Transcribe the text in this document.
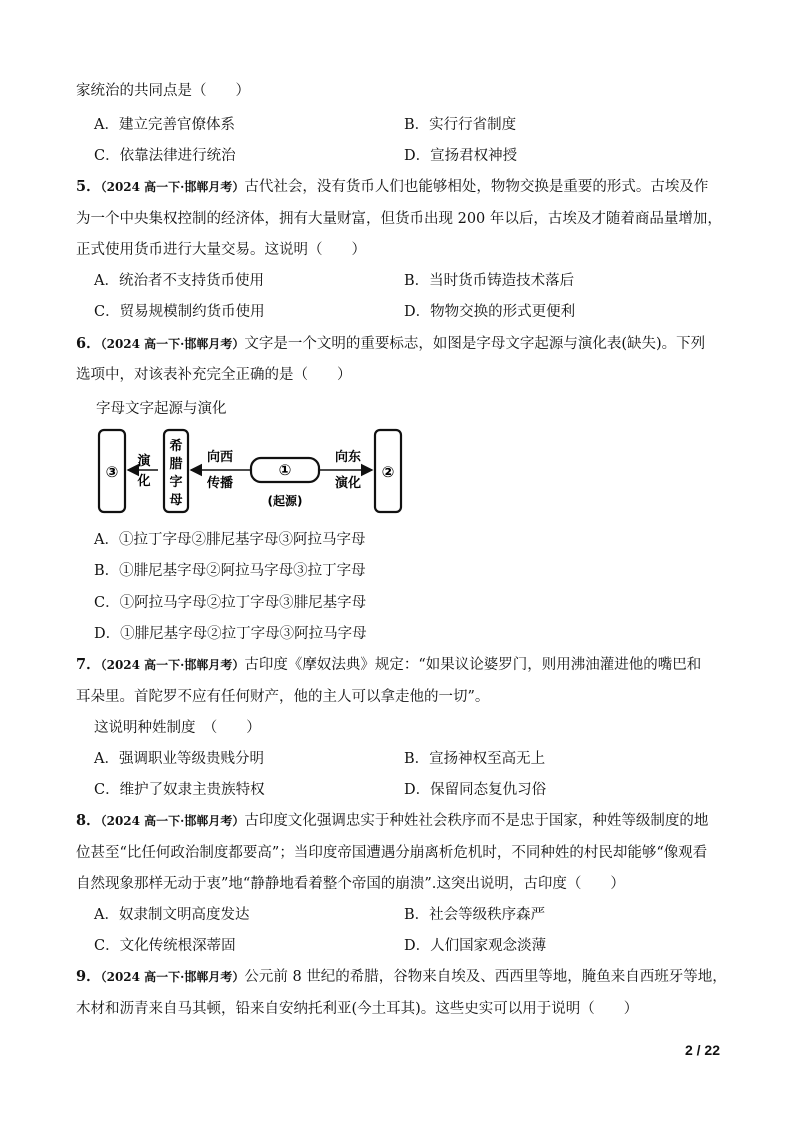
家统治的共同点是（　　）
A．建立完善官僚体系	B．实行行省制度
C．依靠法律进行统治	D．宣扬君权神授
5．（2024 高一下·邯郸月考）古代社会，没有货币人们也能够相处，物物交换是重要的形式。古埃及作
为一个中央集权控制的经济体，拥有大量财富，但货币出现 200 年以后，古埃及才随着商品量增加，
正式使用货币进行大量交易。这说明（　　）
A．统治者不支持货币使用	B．当时货币铸造技术落后
C．贸易规模制约货币使用	D．物物交换的形式更便利
6．（2024 高一下·邯郸月考）文字是一个文明的重要标志，如图是字母文字起源与演化表(缺失)。下列
选项中，对该表补充完全正确的是（　　）
字母文字起源与演化
③
演
化
希
腊
字
母
向西
传播
①
(起源)
向东
演化
②
A．①拉丁字母②腓尼基字母③阿拉马字母
B．①腓尼基字母②阿拉马字母③拉丁字母
C．①阿拉马字母②拉丁字母③腓尼基字母
D．①腓尼基字母②拉丁字母③阿拉马字母
7．（2024 高一下·邯郸月考）古印度《摩奴法典》规定：“如果议论婆罗门，则用沸油灌进他的嘴巴和
耳朵里。首陀罗不应有任何财产，他的主人可以拿走他的一切”。
这说明种姓制度　（　　）
A．强调职业等级贵贱分明	B．宣扬神权至高无上
C．维护了奴隶主贵族特权	D．保留同态复仇习俗
8．（2024 高一下·邯郸月考）古印度文化强调忠实于种姓社会秩序而不是忠于国家，种姓等级制度的地
位甚至“比任何政治制度都要高”；当印度帝国遭遇分崩离析危机时，不同种姓的村民却能够“像观看
自然现象那样无动于衷”地“静静地看着整个帝国的崩溃”.这突出说明，古印度（　　）
A．奴隶制文明高度发达	B．社会等级秩序森严
C．文化传统根深蒂固	D．人们国家观念淡薄
9．（2024 高一下·邯郸月考）公元前 8 世纪的希腊，谷物来自埃及、西西里等地，腌鱼来自西班牙等地，
木材和沥青来自马其顿，铅来自安纳托利亚(今土耳其)。这些史实可以用于说明（　　）
2 / 22
